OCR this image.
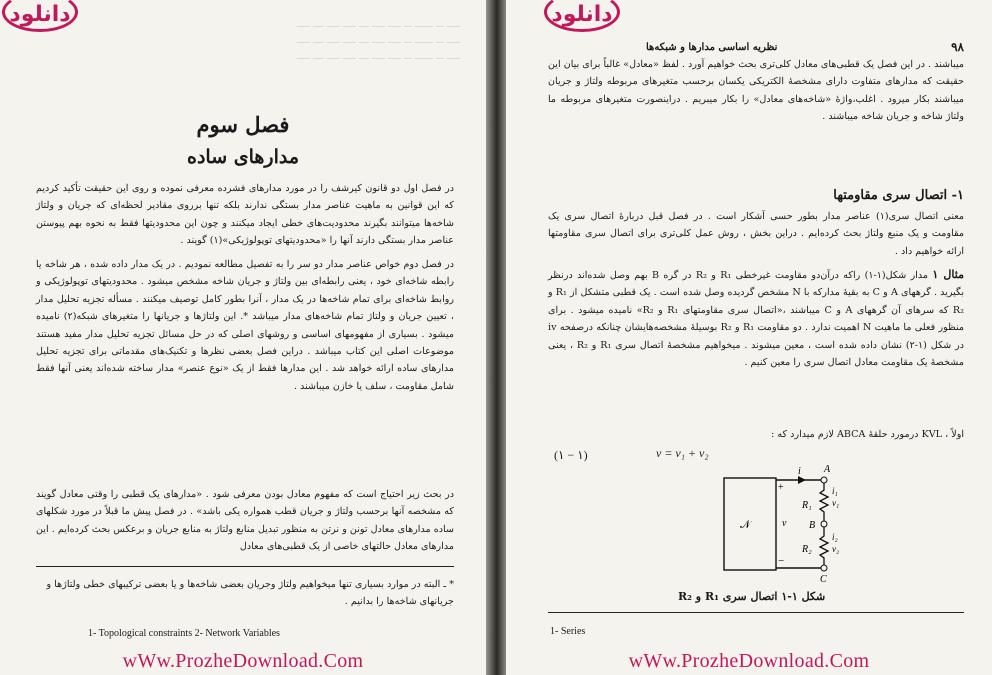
دانلود	ـــــ ـــ ـــــــ ـــ ـــــ ـــــ ــــ ـــــ ـــــ ــــ ـــــ
ـــــ ـــ ـــــــ ـــ ـــــ ـــــ ــــ ـــــ ـــــ ــــ ـــــ
ـــــ ـــ ـــــــ ـــ ـــــ ـــــ ــــ ـــــ ـــــ ــــ ـــــ
فصل سوم
مدارهای ساده
در فصل اول دو قانون کیرشف را در مورد مدارهای فشرده معرفی نموده و روی این حقیقت تأکید کردیم که این قوانین به ماهیت عناصر مدار بستگی ندارند بلکه تنها برروی مقادیر لحظه‌ای که جریان و ولتاژ شاخه‌ها میتوانند بگیرند محدودیت‌های خطی ایجاد میکنند و چون این محدودیتها فقط به نحوه بهم پیوستن عناصر مدار بستگی دارند آنها را «محدودیتهای توپولوژیکی»(۱) گویند .
در فصل دوم خواص عناصر مدار دو سر را به تفصیل مطالعه نمودیم . در یک مدار داده شده ، هر شاخه یا رابطه شاخه‌ای خود ، یعنی رابطه‌ای بین ولتاژ و جریان شاخه مشخص میشود . محدودیتهای توپولوژیکی و روابط شاخه‌ای برای تمام شاخه‌ها در یک مدار ، آنرا بطور کامل توصیف میکنند . مسأله تجزیه تحلیل مدار ، تعیین جریان و ولتاژ تمام شاخه‌های مدار میباشد *. این ولتاژها و جریانها را متغیرهای شبکه(۲) نامیده میشود . بسیاری از مفهومهای اساسی و روشهای اصلی که در حل مسائل تجزیه تحلیل مدار مفید هستند موضوعات اصلی این کتاب میباشد . دراین فصل بعضی نظرها و تکنیک‌های مقدماتی برای تجزیه تحلیل مدارهای ساده ارائه خواهد شد . این مدارها فقط از یک «نوع عنصر» مدار ساخته شده‌اند یعنی آنها فقط شامل مقاومت ، سلف یا خازن میباشند .
در بحث زیر احتیاج است که مفهوم معادل بودن معرفی شود . «مدارهای یک قطبی را وقتی معادل گویند که مشخصه آنها برحسب ولتاژ و جریان قطب همواره یکی باشد» . در فصل پیش ما قبلاً در مورد شکلهای ساده مدارهای معادل تونن و نرتن به منظور تبدیل منابع ولتاژ به منابع جریان و برعکس بحث کرده‌ایم . این مدارهای معادل حالتهای خاصی از یک قطبی‌های معادل
* ـ البته در موارد بسیاری تنها میخواهیم ولتاژ وجریان بعضی شاخه‌ها و یا بعضی ترکیبهای خطی ولتاژها و جریانهای شاخه‌ها را بدانیم .
1- Topological constraints 2- Network Variables
wWw.ProzheDownload.Com
دانلود
۹۸
نظریه اساسی مدارها و شبکه‌ها
میباشند . در این فصل یک قطبی‌های معادل کلی‌تری بحث خواهیم آورد . لفظ «معادل» غالباً برای بیان این حقیقت که مدارهای متفاوت دارای مشخصهٔ الکتریکی یکسان برحسب متغیرهای مربوطه ولتاژ و جریان میباشند بکار میرود . اغلب،واژهٔ «شاخه‌های معادل» را بکار میبریم . دراینصورت متغیرهای مربوطه ما ولتاژ شاخه و جریان شاخه میباشند .
۱- اتصال سری مقاومتها
معنی اتصال سری(۱) عناصر مدار بطور حسی آشکار است . در فصل قبل دربارهٔ اتصال سری یک مقاومت و یک منبع ولتاژ بحث کرده‌ایم . دراین بخش ، روش عمل کلی‌تری برای اتصال سری مقاومتها ارائه خواهیم داد .
مثال ۱ مدار شکل(۱-۱) راکه درآن‌دو مقاومت غیرخطی R₁ و R₂ در گره B بهم وصل شده‌اند درنظر بگیرید . گرههای A و C به بقیهٔ مدارکه با N مشخص گردیده وصل شده است . یک قطبی متشکل از R₁ و R₂ که سرهای آن گرههای A و C میباشند ،«اتصال سری مقاومتهای R₁ و R₂» نامیده میشود . برای منظور فعلی ما ماهیت N اهمیت ندارد . دو مقاومت R₁ و R₂ بوسیلهٔ مشخصه‌هایشان چنانکه درصفحه iv در شکل (۱-۲) نشان داده شده است ، معین میشوند . میخواهیم مشخصهٔ اتصال سری R₁ و R₂ ، یعنی مشخصهٔ یک مقاومت معادل اتصال سری را معین کنیم .
اولاً ، KVL درمورد حلقهٔ ABCA لازم میدارد که :
v = v₁ + v₂
(۱ − ۱)
A
B
C
i
v
+
−
R₁
R₂
i₁
v₁
i₂
v₂
𝒩
شکل ۱-۱ اتصال سری R₁ و R₂
1- Series
wWw.ProzheDownload.Com
